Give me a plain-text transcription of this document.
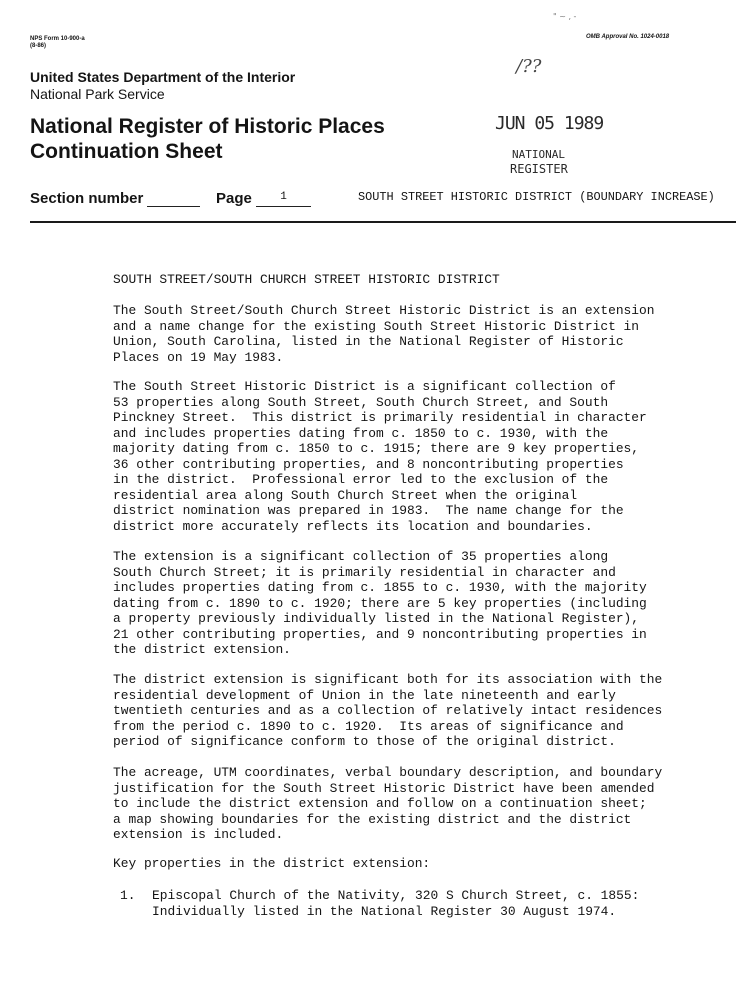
NPS Form 10-900-a
(8-86)
OMB Approval No. 1024-0018
" ~ , -
/??
United States Department of the Interior
National Park Service
National Register of Historic Places
Continuation Sheet
JUN 05 1989
NATIONAL
REGISTER
Section number	Page	1	SOUTH STREET HISTORIC DISTRICT (BOUNDARY INCREASE)
SOUTH STREET/SOUTH CHURCH STREET HISTORIC DISTRICT

The South Street/South Church Street Historic District is an extension
and a name change for the existing South Street Historic District in
Union, South Carolina, listed in the National Register of Historic
Places on 19 May 1983.

The South Street Historic District is a significant collection of
53 properties along South Street, South Church Street, and South
Pinckney Street.  This district is primarily residential in character
and includes properties dating from c. 1850 to c. 1930, with the
majority dating from c. 1850 to c. 1915; there are 9 key properties,
36 other contributing properties, and 8 noncontributing properties
in the district.  Professional error led to the exclusion of the
residential area along South Church Street when the original
district nomination was prepared in 1983.  The name change for the
district more accurately reflects its location and boundaries.

The extension is a significant collection of 35 properties along
South Church Street; it is primarily residential in character and
includes properties dating from c. 1855 to c. 1930, with the majority
dating from c. 1890 to c. 1920; there are 5 key properties (including
a property previously individually listed in the National Register),
21 other contributing properties, and 9 noncontributing properties in
the district extension.

The district extension is significant both for its association with the
residential development of Union in the late nineteenth and early
twentieth centuries and as a collection of relatively intact residences
from the period c. 1890 to c. 1920.  Its areas of significance and
period of significance conform to those of the original district.

The acreage, UTM coordinates, verbal boundary description, and boundary
justification for the South Street Historic District have been amended
to include the district extension and follow on a continuation sheet;
a map showing boundaries for the existing district and the district
extension is included.

Key properties in the district extension:

1. Episcopal Church of the Nativity, 320 S Church Street, c. 1855:
Individually listed in the National Register 30 August 1974.
